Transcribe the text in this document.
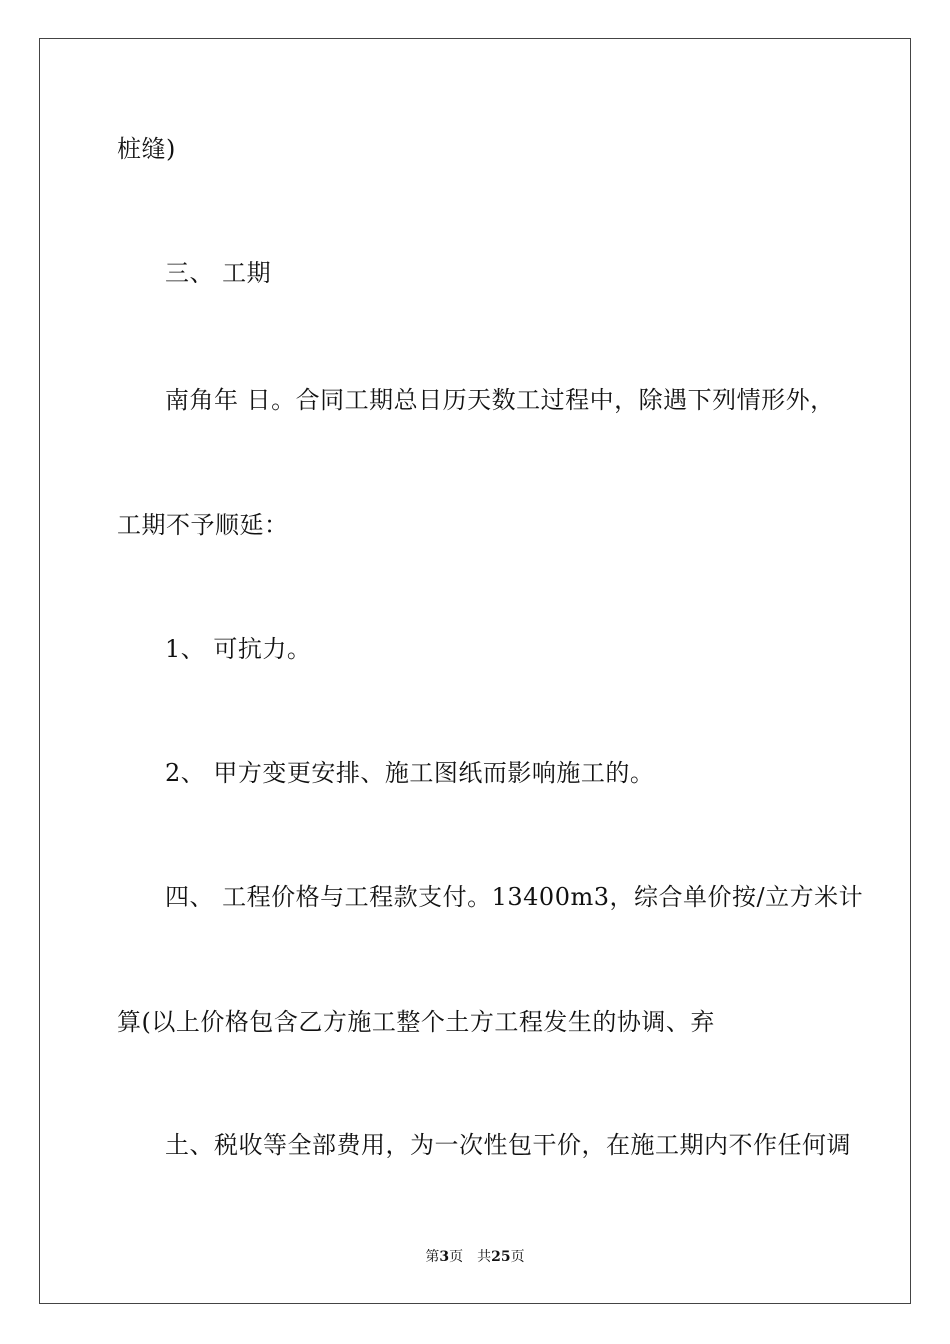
桩缝)
三、 工期
南角年 日。合同工期总日历天数工过程中，除遇下列情形外，
工期不予顺延：
1、 可抗力。
2、 甲方变更安排、施工图纸而影响施工的。
四、 工程价格与工程款支付。13400m3，综合单价按/立方米计
算(以上价格包含乙方施工整个土方工程发生的协调、弃
土、税收等全部费用，为一次性包干价，在施工期内不作任何调
第3页 共25页
